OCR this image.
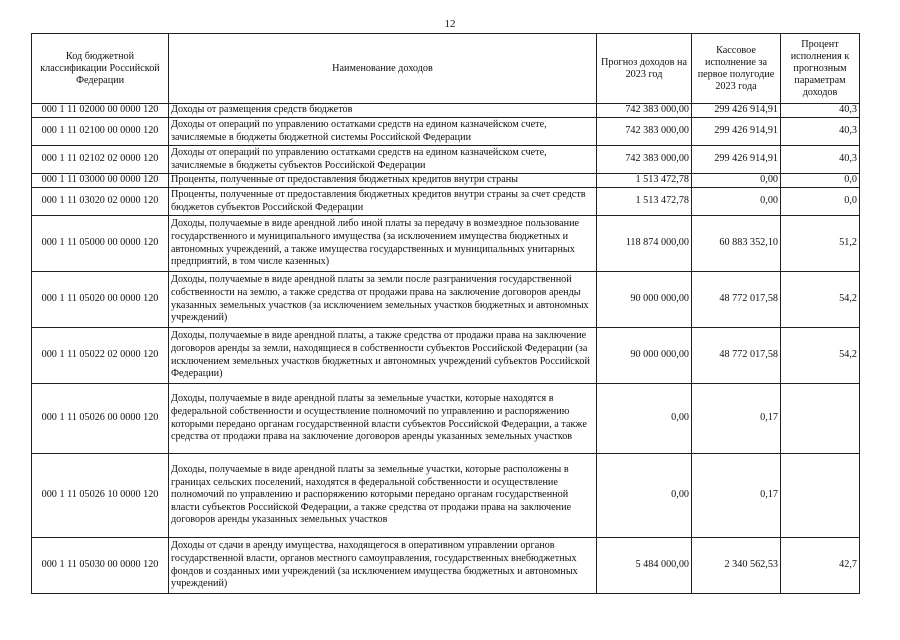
12
Код бюджетной классификации Российской Федерации	Наименование доходов	Прогноз доходов на 2023 год	Кассовое исполнение за первое полугодие 2023 года	Процент исполнения к прогнозным параметрам доходов
000 1 11 02000 00 0000 120	Доходы от размещения средств бюджетов	742 383 000,00	299 426 914,91	40,3
000 1 11 02100 00 0000 120	Доходы от операций по управлению остатками средств на едином казначейском счете, зачисляемые в бюджеты бюджетной системы Российской Федерации	742 383 000,00	299 426 914,91	40,3
000 1 11 02102 02 0000 120	Доходы от операций по управлению остатками средств на едином казначейском счете, зачисляемые в бюджеты субъектов Российской Федерации	742 383 000,00	299 426 914,91	40,3
000 1 11 03000 00 0000 120	Проценты, полученные от предоставления бюджетных кредитов внутри страны	1 513 472,78	0,00	0,0
000 1 11 03020 02 0000 120	Проценты, полученные от предоставления бюджетных кредитов внутри страны за счет средств бюджетов субъектов Российской Федерации	1 513 472,78	0,00	0,0
000 1 11 05000 00 0000 120	Доходы, получаемые в виде арендной либо иной платы за передачу в возмездное пользование государственного и муниципального имущества (за исключением имущества бюджетных и автономных учреждений, а также имущества государственных и муниципальных унитарных предприятий, в том числе казенных)	118 874 000,00	60 883 352,10	51,2
000 1 11 05020 00 0000 120	Доходы, получаемые в виде арендной платы за земли после разграничения государственной собственности на землю, а также средства от продажи права на заключение договоров аренды указанных земельных участков (за исключением земельных участков бюджетных и автономных учреждений)	90 000 000,00	48 772 017,58	54,2
000 1 11 05022 02 0000 120	Доходы, получаемые в виде арендной платы, а также средства от продажи права на заключение договоров аренды за земли, находящиеся в собственности субъектов Российской Федерации (за исключением земельных участков бюджетных и автономных учреждений субъектов Российской Федерации)	90 000 000,00	48 772 017,58	54,2
000 1 11 05026 00 0000 120	Доходы, получаемые в виде арендной платы за земельные участки, которые находятся в федеральной собственности и осуществление полномочий по управлению и распоряжению которыми передано органам государственной власти субъектов Российской Федерации, а также средства от продажи права на заключение договоров аренды указанных земельных участков	0,00	0,17	
000 1 11 05026 10 0000 120	Доходы, получаемые в виде арендной платы за земельные участки, которые расположены в границах сельских поселений, находятся в федеральной собственности и осуществление полномочий по управлению и распоряжению которыми передано органам государственной власти субъектов Российской Федерации, а также средства от продажи права на заключение договоров аренды указанных земельных участков	0,00	0,17	
000 1 11 05030 00 0000 120	Доходы от сдачи в аренду имущества, находящегося в оперативном управлении органов государственной власти, органов местного самоуправления, государственных внебюджетных фондов и созданных ими учреждений (за исключением имущества бюджетных и автономных учреждений)	5 484 000,00	2 340 562,53	42,7
